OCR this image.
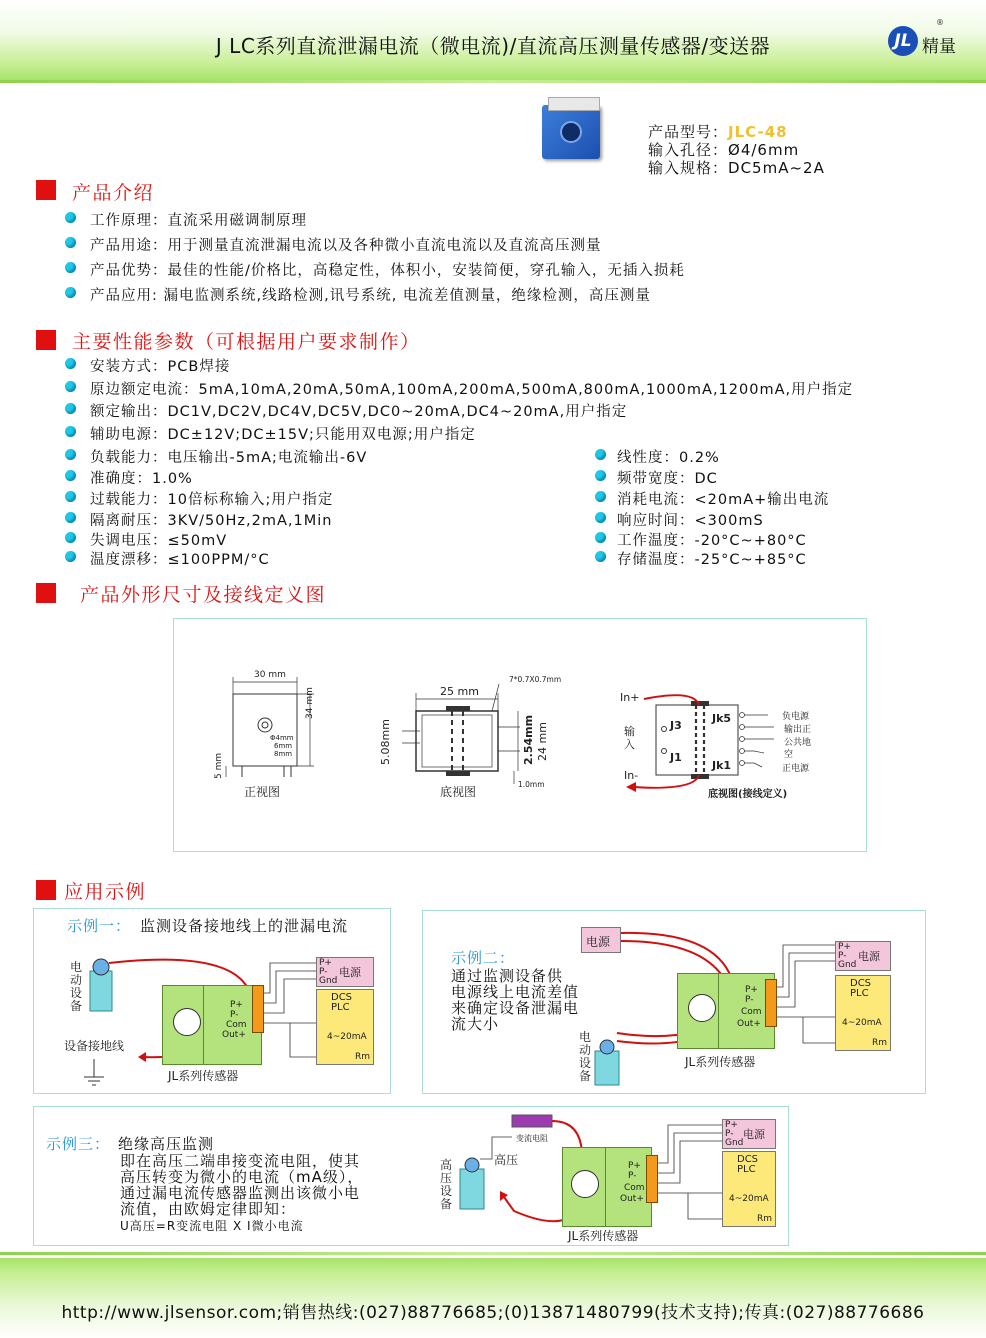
J LC系列直流泄漏电流（微电流)/直流高压测量传感器/变送器	JL 精量
®
产品型号：JLC-48
输入孔径：Ø4/6mm
输入规格：DC5mA~2A
产品介绍
工作原理：直流采用磁调制原理
产品用途：用于测量直流泄漏电流以及各种微小直流电流以及直流高压测量
产品优势：最佳的性能/价格比，高稳定性，体积小，安装简便，穿孔输入，无插入损耗
产品应用: 漏电监测系统,线路检测,讯号系统, 电流差值测量，绝缘检测，高压测量
主要性能参数（可根据用户要求制作）
安装方式：PCB焊接
原边额定电流：5mA,10mA,20mA,50mA,100mA,200mA,500mA,800mA,1000mA,1200mA,用户指定
额定输出：DC1V,DC2V,DC4V,DC5V,DC0~20mA,DC4~20mA,用户指定
辅助电源：DC±12V;DC±15V;只能用双电源;用户指定
负载能力：电压输出-5mA;电流输出-6V
准确度：1.0%
过载能力：10倍标称输入;用户指定
隔离耐压：3KV/50Hz,2mA,1Min
失调电压：≤50mV
温度漂移：≤100PPM/°C
线性度：0.2%
频带宽度：DC
消耗电流：<20mA+输出电流
响应时间：<300mS
工作温度：-20°C~+80°C
存储温度：-25°C~+85°C
产品外形尺寸及接线定义图
30 mm
34 mm
5 mm
Φ4mm
6mm
8mm
正视图
25 mm
7*0.7X0.7mm
5.08mm	2.54mm 24 mm
1.0mm
底视图
In+
In-
输入
J3
J1
Jk5
Jk1
负电源
输出正
公共地
空
正电源
底视图(接线定义)
应用示例
示例一： 监测设备接地线上的泄漏电流
电动设备
设备接地线
P+
P-
Com
Out+
P+
P-
Gnd
电源
DCS
PLC
4~20mA
Rm
JL系列传感器
示例二：
通过监测设备供
电源线上电流差值
来确定设备泄漏电
流大小
电源
电动设备
P+
P-
Com
Out+
P+
P-
Gnd
电源
DCS
PLC
4~20mA
Rm
JL系列传感器
示例三： 绝缘高压监测
即在高压二端串接变流电阻，使其
高压转变为微小的电流（mA级），
通过漏电流传感器监测出该微小电
流值，由欧姆定律即知：
U高压=R变流电阻 X I微小电流
变流电阻
高压
高压设备
P+
P-
Com
Out+
P+
P-
Gnd
电源
DCS
PLC
4~20mA
Rm
JL系列传感器
http://www.jlsensor.com;销售热线:(027)88776685;(0)13871480799(技术支持);传真:(027)88776686
